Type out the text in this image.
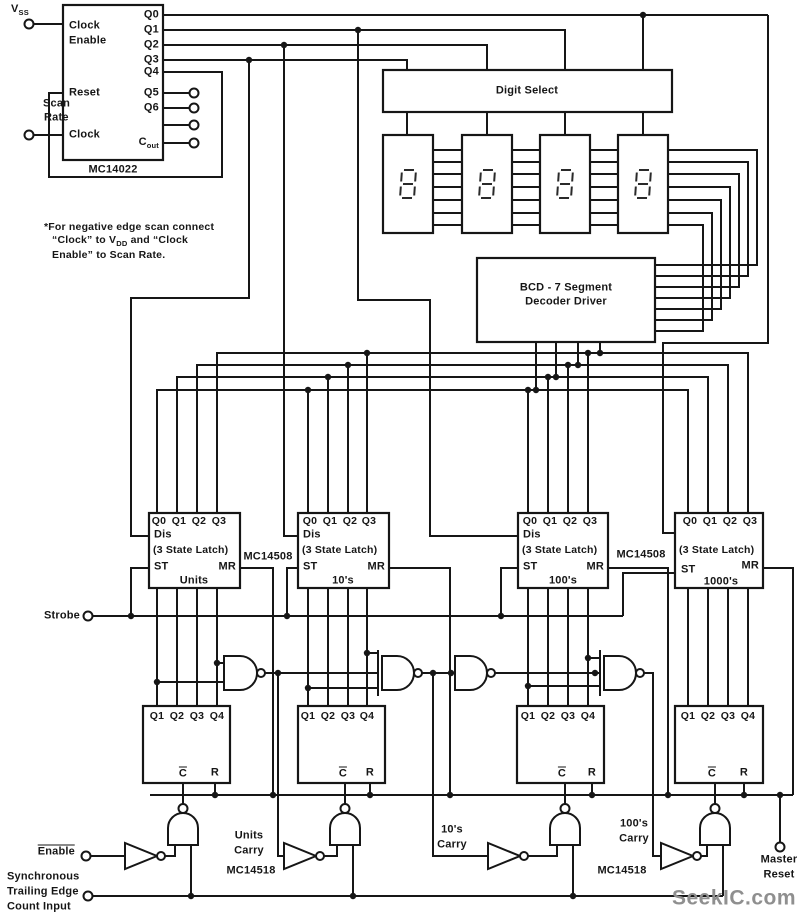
$V_{SS}$
Clock
Enable
Reset
Clock
Q0
Q1
Q2
Q3
Q4
Q5
Q6
$C_{out}$
MC14022
Scan
Rate
*For negative edge scan connect
“Clock” to $V_{DD}$ and “Clock
Enable” to Scan Rate.
Digit Select
BCD - 7 Segment
Decoder Driver
Q0 Q1 Q2 Q3
Dis
(3 State Latch)
ST	MR
Units
Q0 Q1 Q2 Q3
Dis
(3 State Latch)
ST	MR
10's
Q0 Q1 Q2 Q3
Dis
(3 State Latch)
ST	MR
100's
Q0 Q1 Q2 Q3
(3 State Latch)
ST	MR
1000's
MC14508	MC14508
Strobe
Q1 Q2 Q3 Q4
C R
Q1 Q2 Q3 Q4
C R
Q1 Q2 Q3 Q4
C R
Q1 Q2 Q3 Q4
C R
Enable
Synchronous
Trailing Edge
Count Input
Units
Carry
MC14518
10's
Carry
100's
Carry
MC14518
Master
Reset
SeekIC.com
